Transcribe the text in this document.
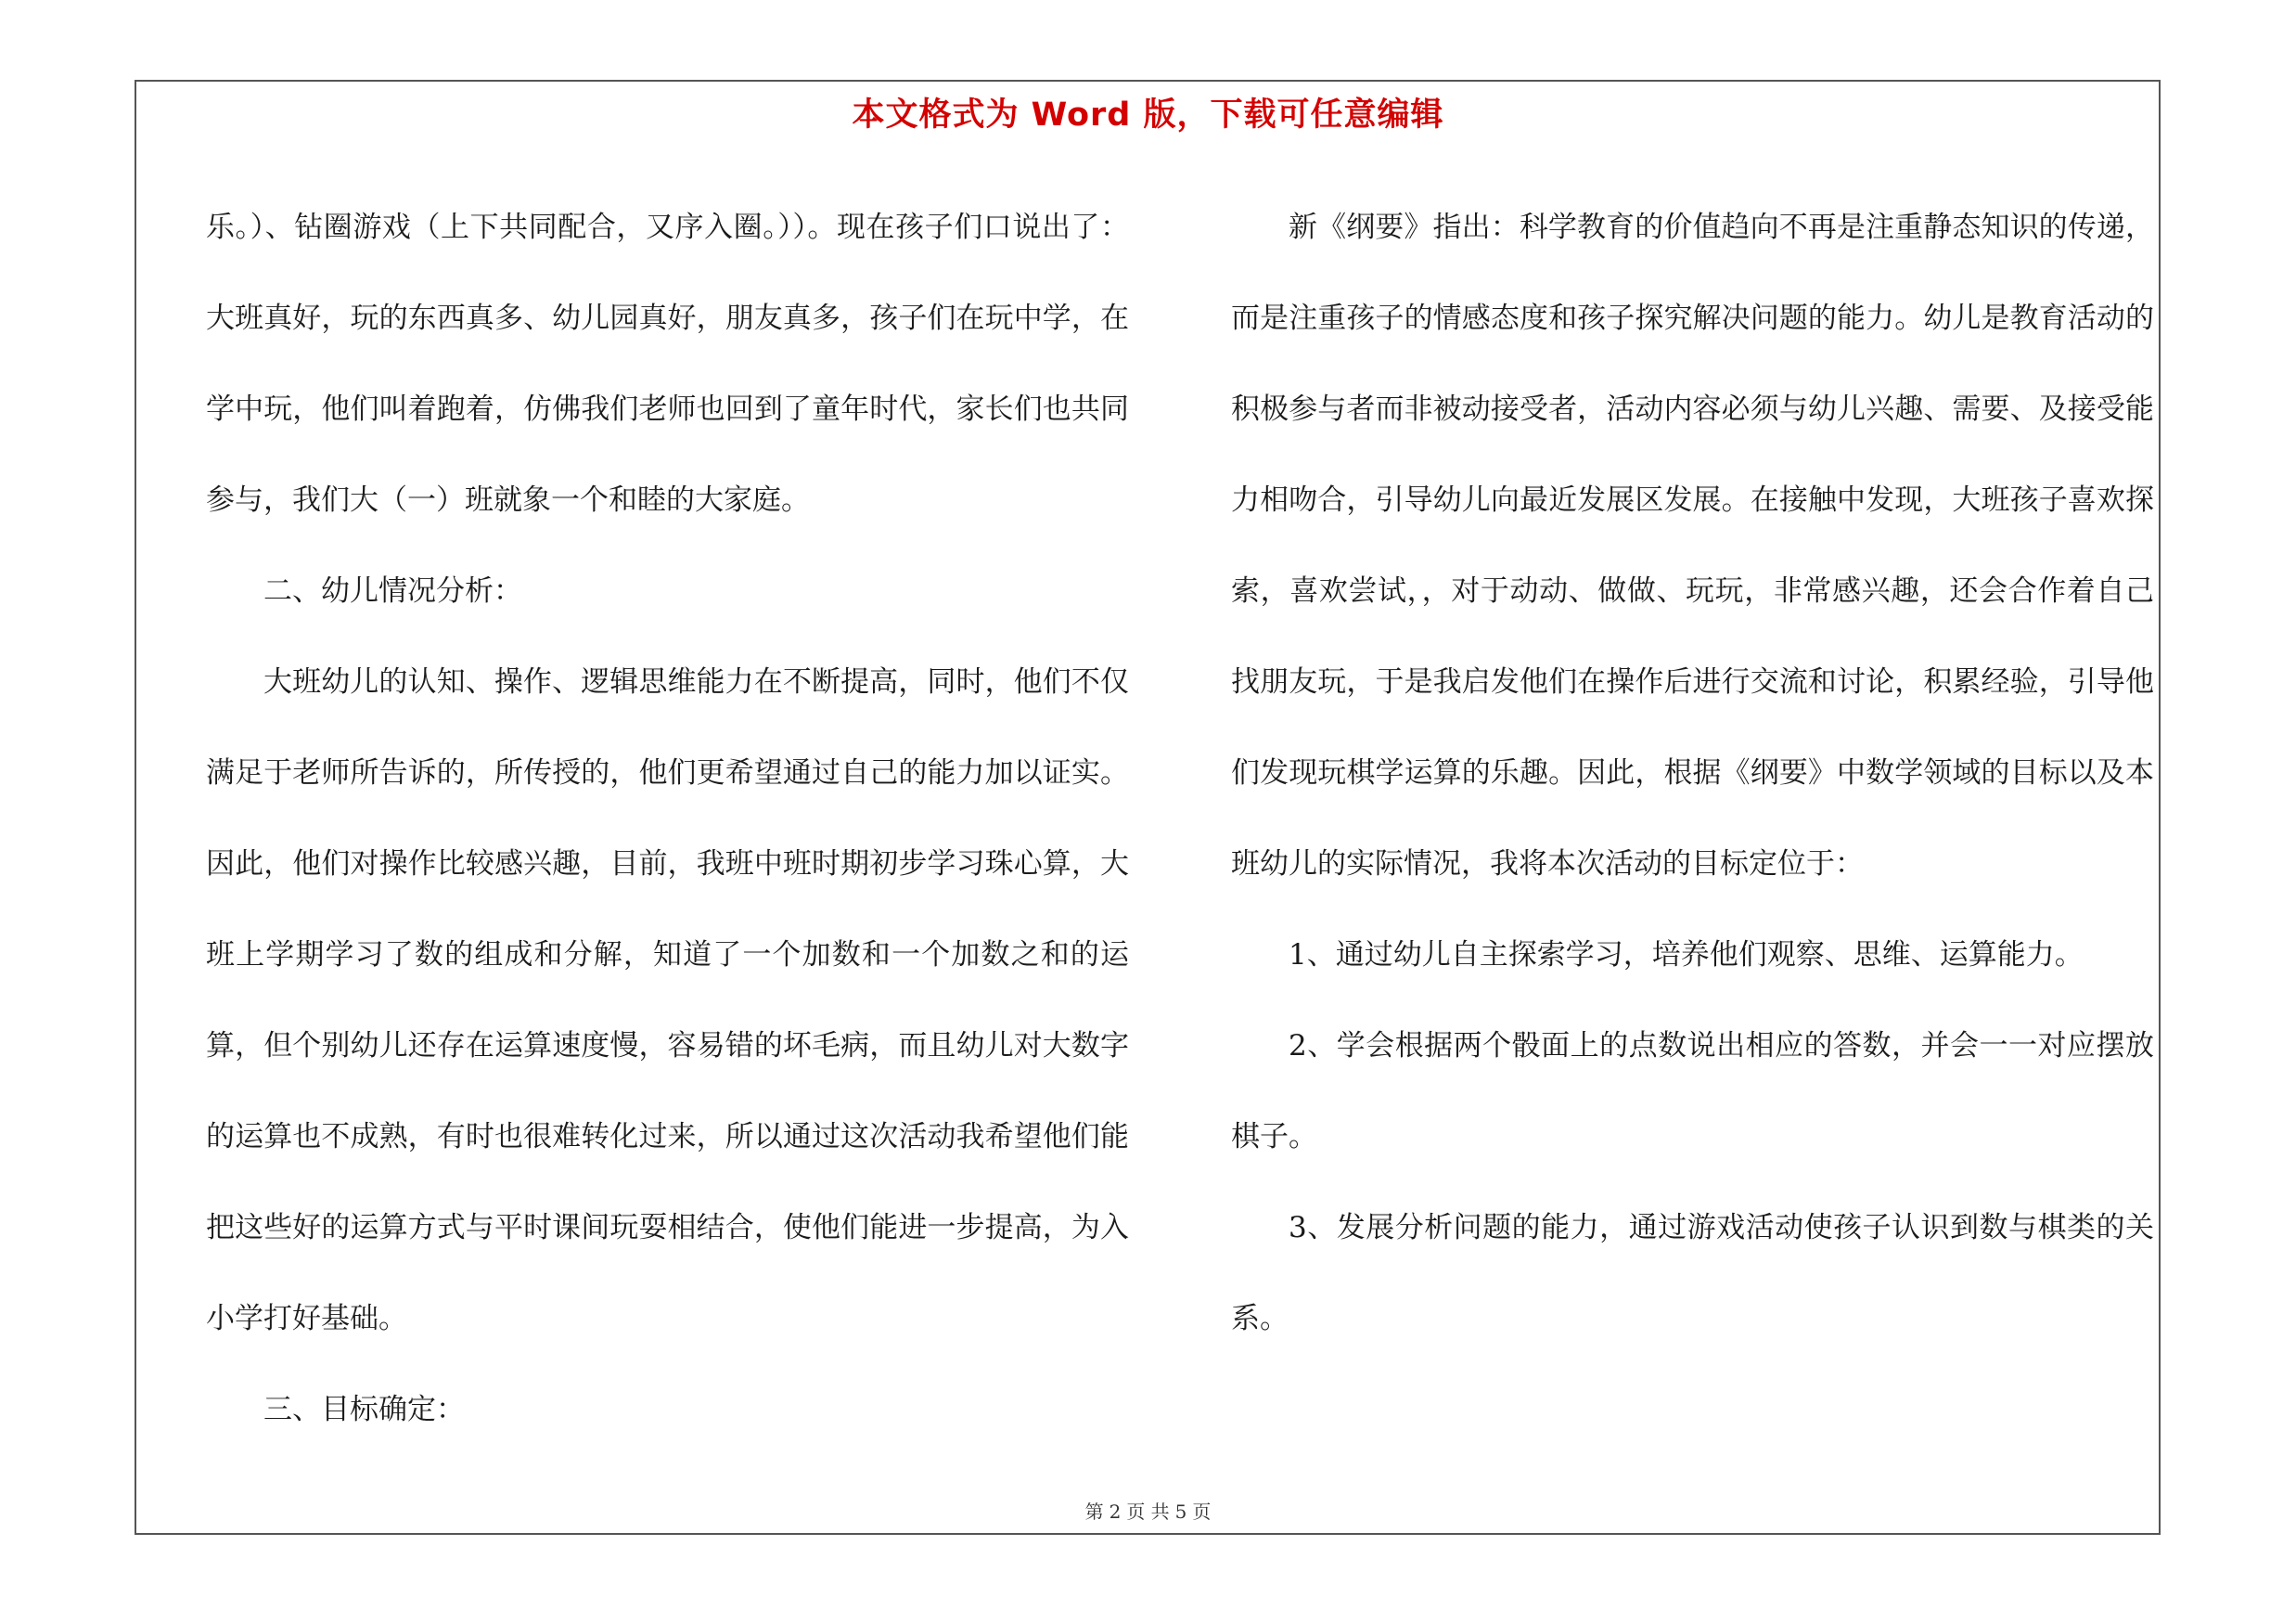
本文格式为 Word 版，下载可任意编辑

乐。）、钻圈游戏（上下共同配合，又序入圈。））。现在孩子们口说出了：大班真好，玩的东西真多、幼儿园真好，朋友真多，孩子们在玩中学，在学中玩，他们叫着跑着，仿佛我们老师也回到了童年时代，家长们也共同参与，我们大（一）班就象一个和睦的大家庭。

二、幼儿情况分析：

大班幼儿的认知、操作、逻辑思维能力在不断提高，同时，他们不仅满足于老师所告诉的，所传授的，他们更希望通过自己的能力加以证实。因此，他们对操作比较感兴趣，目前，我班中班时期初步学习珠心算，大班上学期学习了数的组成和分解，知道了一个加数和一个加数之和的运算，但个别幼儿还存在运算速度慢，容易错的坏毛病，而且幼儿对大数字的运算也不成熟，有时也很难转化过来，所以通过这次活动我希望他们能把这些好的运算方式与平时课间玩耍相结合，使他们能进一步提高，为入小学打好基础。

三、目标确定：

新《纲要》指出：科学教育的价值趋向不再是注重静态知识的传递，而是注重孩子的情感态度和孩子探究解决问题的能力。幼儿是教育活动的积极参与者而非被动接受者，活动内容必须与幼儿兴趣、需要、及接受能力相吻合，引导幼儿向最近发展区发展。在接触中发现，大班孩子喜欢探索，喜欢尝试，，对于动动、做做、玩玩，非常感兴趣，还会合作着自己找朋友玩，于是我启发他们在操作后进行交流和讨论，积累经验，引导他们发现玩棋学运算的乐趣。因此，根据《纲要》中数学领域的目标以及本班幼儿的实际情况，我将本次活动的目标定位于：

1、通过幼儿自主探索学习，培养他们观察、思维、运算能力。

2、学会根据两个骰面上的点数说出相应的答数，并会一一对应摆放棋子。

3、发展分析问题的能力，通过游戏活动使孩子认识到数与棋类的关系。

第 2 页 共 5 页
